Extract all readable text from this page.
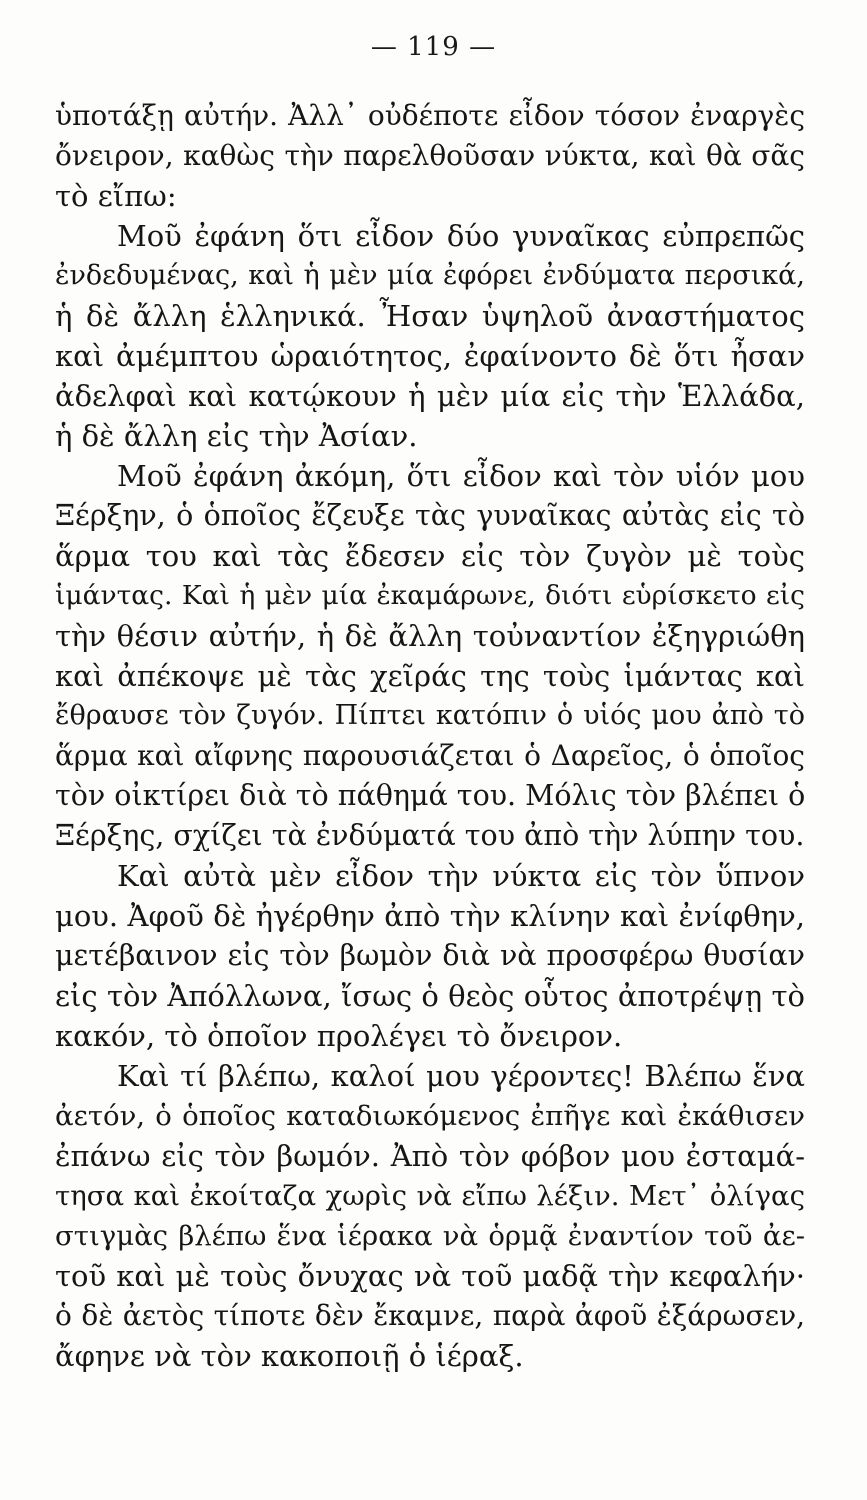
— 119 —
ὑποτάξῃ αὐτήν. Ἀλλ᾽ οὐδέποτε εἶδον τόσον ἐναργὲς
ὄνειρον, καθὼς τὴν παρελθοῦσαν νύκτα, καὶ θὰ σᾶς
τὸ εἴπω:
Μοῦ ἐφάνη ὅτι εἶδον δύο γυναῖκας εὐπρεπῶς
ἐνδεδυμένας, καὶ ἡ μὲν μία ἐφόρει ἐνδύματα περσικά,
ἡ δὲ ἄλλη ἑλληνικά. Ἦσαν ὑψηλοῦ ἀναστήματος
καὶ ἀμέμπτου ὡραιότητος, ἐφαίνοντο δὲ ὅτι ἦσαν
ἀδελφαὶ καὶ κατῴκουν ἡ μὲν μία εἰς τὴν Ἑλλάδα,
ἡ δὲ ἄλλη εἰς τὴν Ἀσίαν.
Μοῦ ἐφάνη ἀκόμη, ὅτι εἶδον καὶ τὸν υἱόν μου
Ξέρξην, ὁ ὁποῖος ἔζευξε τὰς γυναῖκας αὐτὰς εἰς τὸ
ἅρμα του καὶ τὰς ἔδεσεν εἰς τὸν ζυγὸν μὲ τοὺς
ἱμάντας. Καὶ ἡ μὲν μία ἐκαμάρωνε, διότι εὑρίσκετο εἰς
τὴν θέσιν αὐτήν, ἡ δὲ ἄλλη τοὐναντίον ἐξηγριώθη
καὶ ἀπέκοψε μὲ τὰς χεῖράς της τοὺς ἱμάντας καὶ
ἔθραυσε τὸν ζυγόν. Πίπτει κατόπιν ὁ υἱός μου ἀπὸ τὸ
ἅρμα καὶ αἴφνης παρουσιάζεται ὁ Δαρεῖος, ὁ ὁποῖος
τὸν οἰκτίρει διὰ τὸ πάθημά του. Μόλις τὸν βλέπει ὁ
Ξέρξης, σχίζει τὰ ἐνδύματά του ἀπὸ τὴν λύπην του.
Καὶ αὐτὰ μὲν εἶδον τὴν νύκτα εἰς τὸν ὕπνον
μου. Ἀφοῦ δὲ ἠγέρθην ἀπὸ τὴν κλίνην καὶ ἐνίφθην,
μετέβαινον εἰς τὸν βωμὸν διὰ νὰ προσφέρω θυσίαν
εἰς τὸν Ἀπόλλωνα, ἴσως ὁ θεὸς οὗτος ἀποτρέψῃ τὸ
κακόν, τὸ ὁποῖον προλέγει τὸ ὄνειρον.
Καὶ τί βλέπω, καλοί μου γέροντες! Βλέπω ἕνα
ἀετόν, ὁ ὁποῖος καταδιωκόμενος ἐπῆγε καὶ ἐκάθισεν
ἐπάνω εἰς τὸν βωμόν. Ἀπὸ τὸν φόβον μου ἐσταμά-
τησα καὶ ἐκοίταζα χωρὶς νὰ εἴπω λέξιν. Μετ᾽ ὀλίγας
στιγμὰς βλέπω ἕνα ἱέρακα νὰ ὁρμᾷ ἐναντίον τοῦ ἀε-
τοῦ καὶ μὲ τοὺς ὄνυχας νὰ τοῦ μαδᾷ τὴν κεφαλήν·
ὁ δὲ ἀετὸς τίποτε δὲν ἔκαμνε, παρὰ ἀφοῦ ἐξάρωσεν,
ἄφηνε νὰ τὸν κακοποιῇ ὁ ἱέραξ.
